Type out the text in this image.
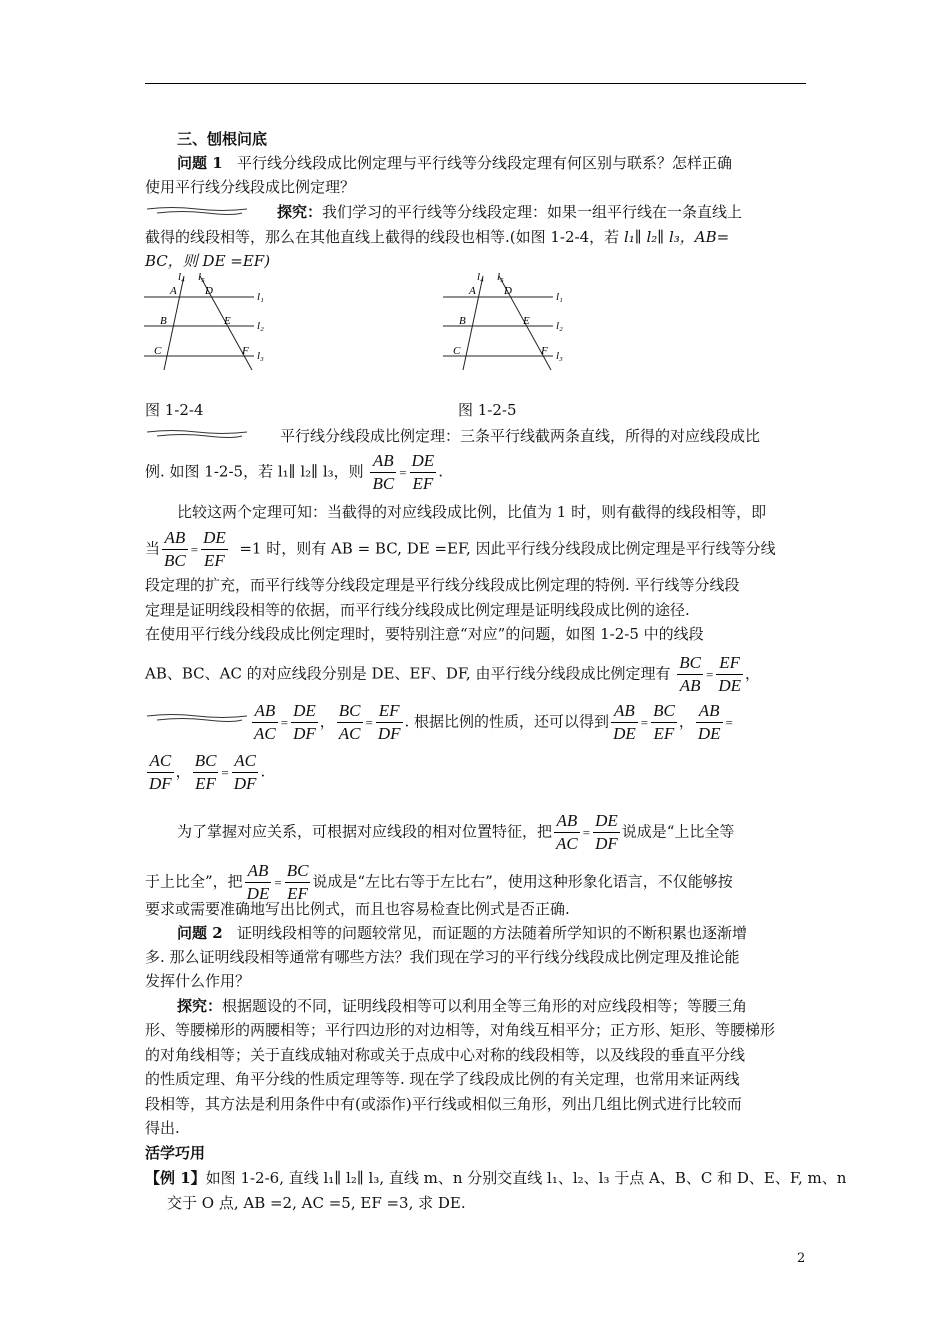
三、刨根问底
问题 1 平行线分线段成比例定理与平行线等分线段定理有何区别与联系？怎样正确
使用平行线分线段成比例定理？
探究：我们学习的平行线等分线段定理：如果一组平行线在一条直线上
截得的线段相等，那么在其他直线上截得的线段也相等.(如图 1-2-4，若 l₁∥ l₂∥ l₃，AB=
BC，则 DE =EF)
l₄ l₅
A	D
B	E
C	F
l₁
l₂
l₃
l₄ l₅
A	D
B	E
C	F
l₁
l₂
l₃
图 1-2-4	图 1-2-5
平行线分线段成比例定理：三条平行线截两条直线，所得的对应线段成比
例. 如图 1-2-5，若 l₁∥ l₂∥ l₃，则 $\frac{AB}{BC} = \frac{DE}{EF}$ .
比较这两个定理可知：当截得的对应线段成比例，比值为 1 时，则有截得的线段相等，即
当 $\frac{AB}{BC} = \frac{DE}{EF} =1$ 时，则有 AB = BC, DE =EF, 因此平行线分线段成比例定理是平行线等分线
段定理的扩充，而平行线等分线段定理是平行线分线段成比例定理的特例. 平行线等分线段
定理是证明线段相等的依据，而平行线分线段成比例定理是证明线段成比例的途径.
在使用平行线分线段成比例定理时，要特别注意“对应”的问题，如图 1-2-5 中的线段
AB、BC、AC 的对应线段分别是 DE、EF、DF, 由平行线分线段成比例定理有 $\frac{BC}{AB} = \frac{EF}{DE}$ ，
$\frac{AB}{AC} = \frac{DE}{DF}$ ， $\frac{BC}{AC} = \frac{EF}{DF}$ . 根据比例的性质，还可以得到 $\frac{AB}{DE} = \frac{BC}{EF}$ ， $\frac{AB}{DE}$ =
$\frac{AC}{DF}$ ， $\frac{BC}{EF} = \frac{AC}{DF}$ .
为了掌握对应关系，可根据对应线段的相对位置特征，把 $\frac{AB}{AC} = \frac{DE}{DF}$ 说成是“上比全等
于上比全”，把 $\frac{AB}{DE} = \frac{BC}{EF}$ 说成是“左比右等于左比右”，使用这种形象化语言，不仅能够按
要求或需要准确地写出比例式，而且也容易检查比例式是否正确.
问题 2 证明线段相等的问题较常见，而证题的方法随着所学知识的不断积累也逐渐增
多. 那么证明线段相等通常有哪些方法？我们现在学习的平行线分线段成比例定理及推论能
发挥什么作用？
探究：根据题设的不同，证明线段相等可以利用全等三角形的对应线段相等；等腰三角
形、等腰梯形的两腰相等；平行四边形的对边相等，对角线互相平分；正方形、矩形、等腰梯形
的对角线相等；关于直线成轴对称或关于点成中心对称的线段相等，以及线段的垂直平分线
的性质定理、角平分线的性质定理等等. 现在学了线段成比例的有关定理，也常用来证两线
段相等，其方法是利用条件中有(或添作)平行线或相似三角形，列出几组比例式进行比较而
得出.
活学巧用
【例 1】如图 1-2-6, 直线 l₁∥ l₂∥ l₃, 直线 m、n 分别交直线 l₁、l₂、l₃ 于点 A、B、C 和 D、E、F, m、n
交于 O 点, AB =2, AC =5, EF =3, 求 DE.
2
